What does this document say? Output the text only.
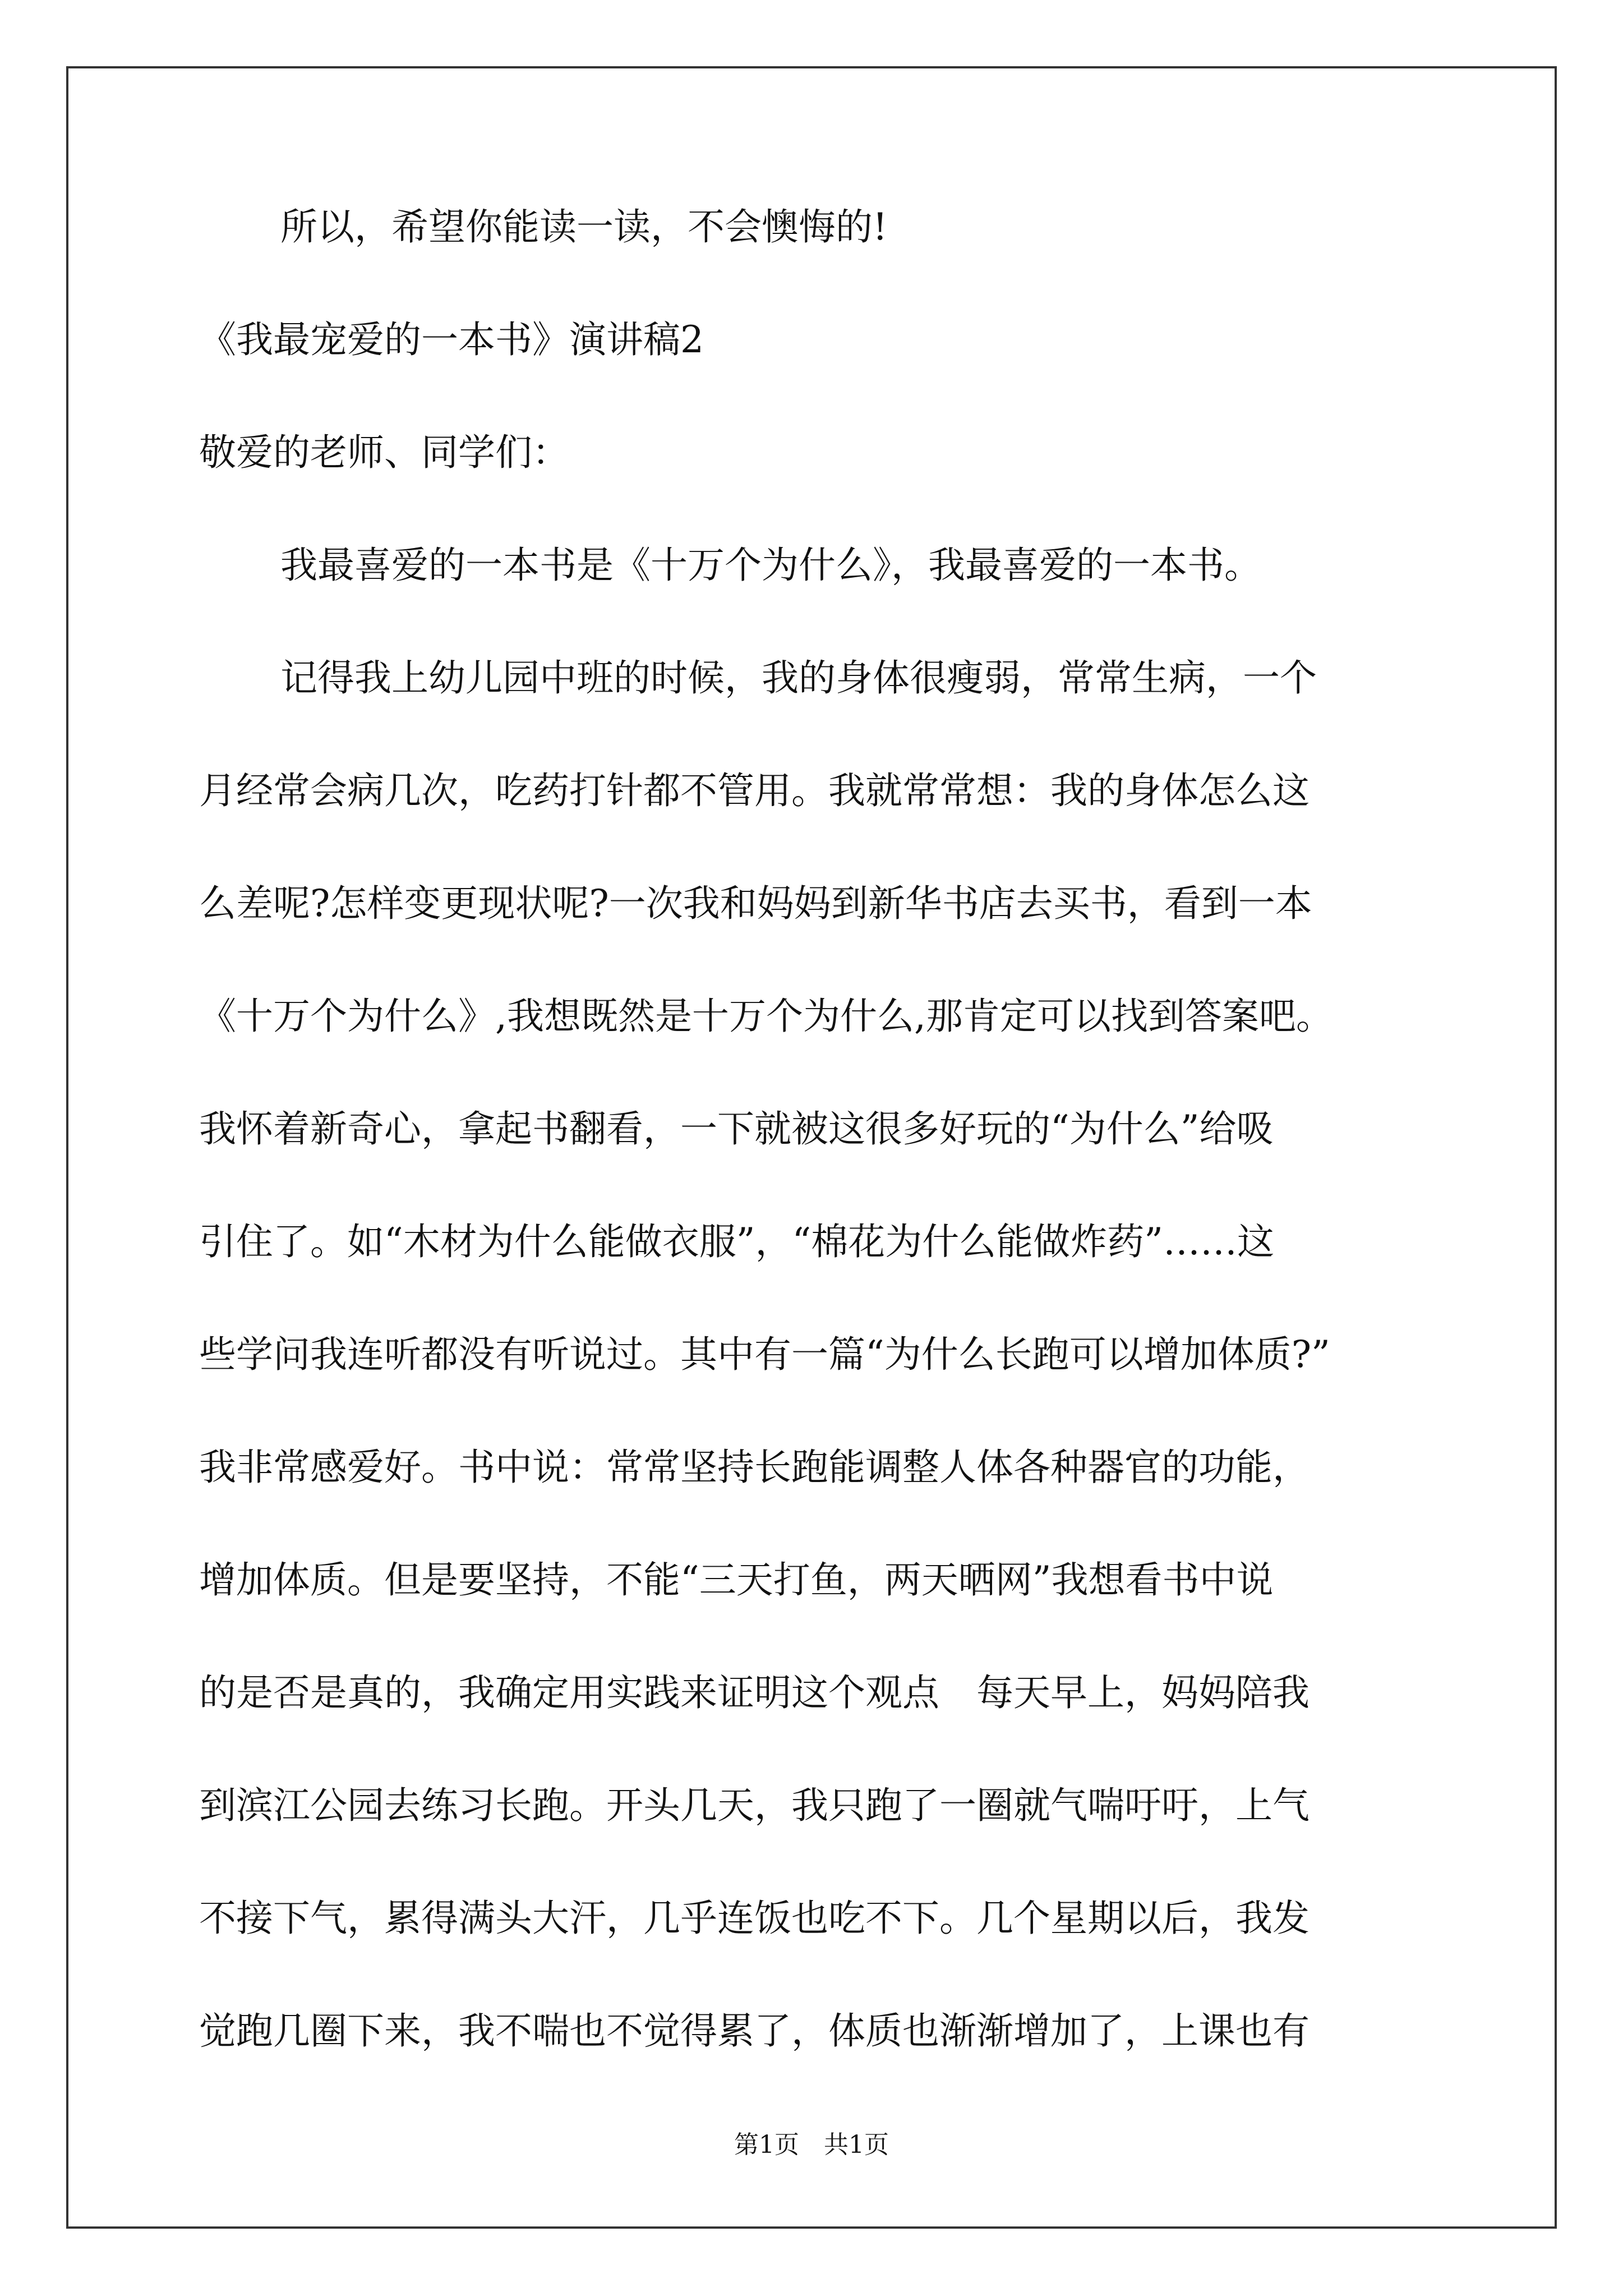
所以，希望你能读一读，不会懊悔的!
《我最宠爱的一本书》演讲稿2
敬爱的老师、同学们：
我最喜爱的一本书是《十万个为什么》，我最喜爱的一本书。
记得我上幼儿园中班的时候，我的身体很瘦弱，常常生病，一个
月经常会病几次，吃药打针都不管用。我就常常想：我的身体怎么这
么差呢?怎样变更现状呢?一次我和妈妈到新华书店去买书，看到一本
《十万个为什么》,我想既然是十万个为什么,那肯定可以找到答案吧。
我怀着新奇心，拿起书翻看，一下就被这很多好玩的“为什么”给吸
引住了。如“木材为什么能做衣服”，“棉花为什么能做炸药”……这
些学问我连听都没有听说过。其中有一篇“为什么长跑可以增加体质?”
我非常感爱好。书中说：常常坚持长跑能调整人体各种器官的功能，
增加体质。但是要坚持，不能“三天打鱼，两天晒网”我想看书中说
的是否是真的，我确定用实践来证明这个观点　每天早上，妈妈陪我
到滨江公园去练习长跑。开头几天，我只跑了一圈就气喘吁吁，上气
不接下气，累得满头大汗，几乎连饭也吃不下。几个星期以后，我发
觉跑几圈下来，我不喘也不觉得累了，体质也渐渐增加了，上课也有
第1页　共1页
